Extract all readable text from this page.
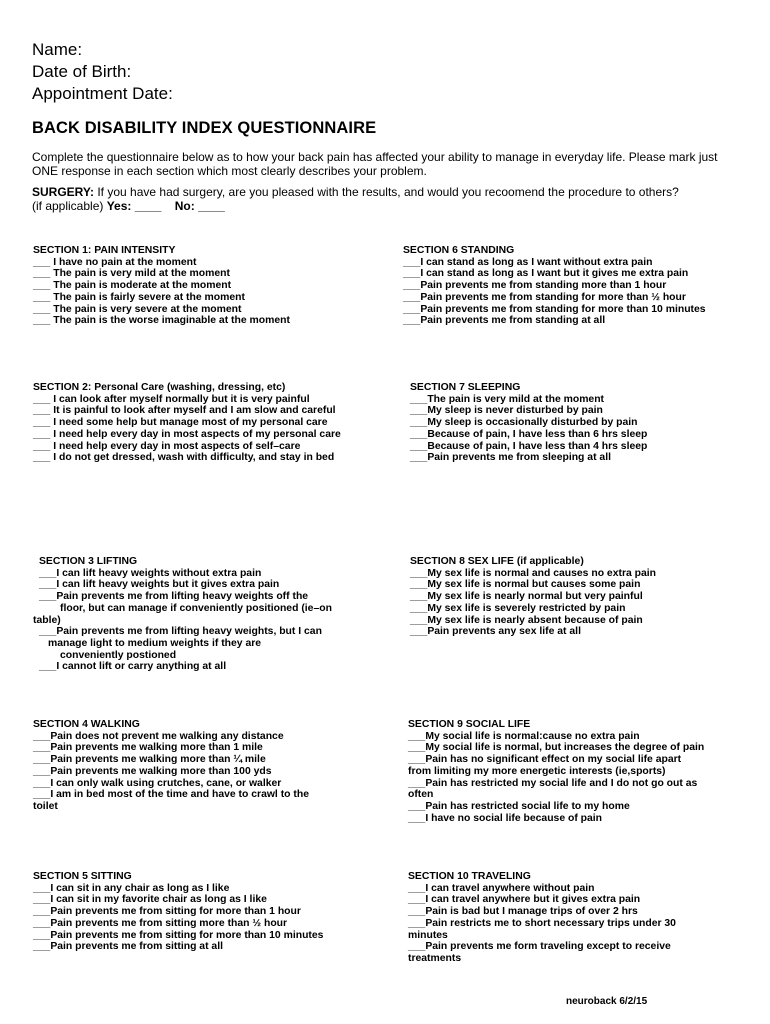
Name:

Date of Birth:

Appointment Date:

BACK DISABILITY INDEX QUESTIONNAIRE

Complete the questionnaire below as to how your back pain has affected your ability to manage in everyday life. Please mark just ONE response in each section which most clearly describes your problem.

SURGERY: If you have had surgery, are you pleased with the results, and would you recoomend the procedure to others?
(if applicable) Yes: ____ No: ____

SECTION 1: PAIN INTENSITY
___ I have no pain at the moment
___ The pain is very mild at the moment
___ The pain is moderate at the moment
___ The pain is fairly severe at the moment
___ The pain is very severe at the moment
___ The pain is the worse imaginable at the moment
SECTION 6 STANDING
___I can stand as long as I want without extra pain
___I can stand as long as I want but it gives me extra pain
___Pain prevents me from standing more than 1 hour
___Pain prevents me from standing for more than ½ hour
___Pain prevents me from standing for more than 10 minutes
___Pain prevents me from standing at all
SECTION 2: Personal Care (washing, dressing, etc)
___ I can look after myself normally but it is very painful
___ It is painful to look after myself and I am slow and careful
___ I need some help but manage most of my personal care
___ I need help every day in most aspects of my personal care
___ I need help every day in most aspects of self–care
___ I do not get dressed, wash with difficulty, and stay in bed
SECTION 7 SLEEPING
___The pain is very mild at the moment
___My sleep is never disturbed by pain
___My sleep is occasionally disturbed by pain
___Because of pain, I have less than 6 hrs sleep
___Because of pain, I have less than 4 hrs sleep
___Pain prevents me from sleeping at all
SECTION 3 LIFTING
___I can lift heavy weights without extra pain
___I can lift heavy weights but it gives extra pain
___Pain prevents me from lifting heavy weights off the
floor, but can manage if conveniently positioned (ie–on
table)
___Pain prevents me from lifting heavy weights, but I can
manage light to medium weights if they are
conveniently postioned
___I cannot lift or carry anything at all
SECTION 8 SEX LIFE (if applicable)
___My sex life is normal and causes no extra pain
___My sex life is normal but causes some pain
___My sex life is nearly normal but very painful
___My sex life is severely restricted by pain
___My sex life is nearly absent because of pain
___Pain prevents any sex life at all
SECTION 4 WALKING
___Pain does not prevent me walking any distance
___Pain prevents me walking more than 1 mile
___Pain prevents me walking more than ¼ mile
___Pain prevents me walking more than 100 yds
___I can only walk using crutches, cane, or walker
___I am in bed most of the time and have to crawl to the
toilet
SECTION 9 SOCIAL LIFE
___My social life is normal:cause no extra pain
___My social life is normal, but increases the degree of pain
___Pain has no significant effect on my social life apart
from limiting my more energetic interests (ie,sports)
___Pain has restricted my social life and I do not go out as
often
___Pain has restricted social life to my home
___I have no social life because of pain
SECTION 5 SITTING
___I can sit in any chair as long as I like
___I can sit in my favorite chair as long as I like
___Pain prevents me from sitting for more than 1 hour
___Pain prevents me from sitting more than ½ hour
___Pain prevents me from sitting for more than 10 minutes
___Pain prevents me from sitting at all
SECTION 10 TRAVELING
___I can travel anywhere without pain
___I can travel anywhere but it gives extra pain
___Pain is bad but I manage trips of over 2 hrs
___Pain restricts me to short necessary trips under 30
minutes
___Pain prevents me form traveling except to receive
treatments
neuroback 6/2/15
